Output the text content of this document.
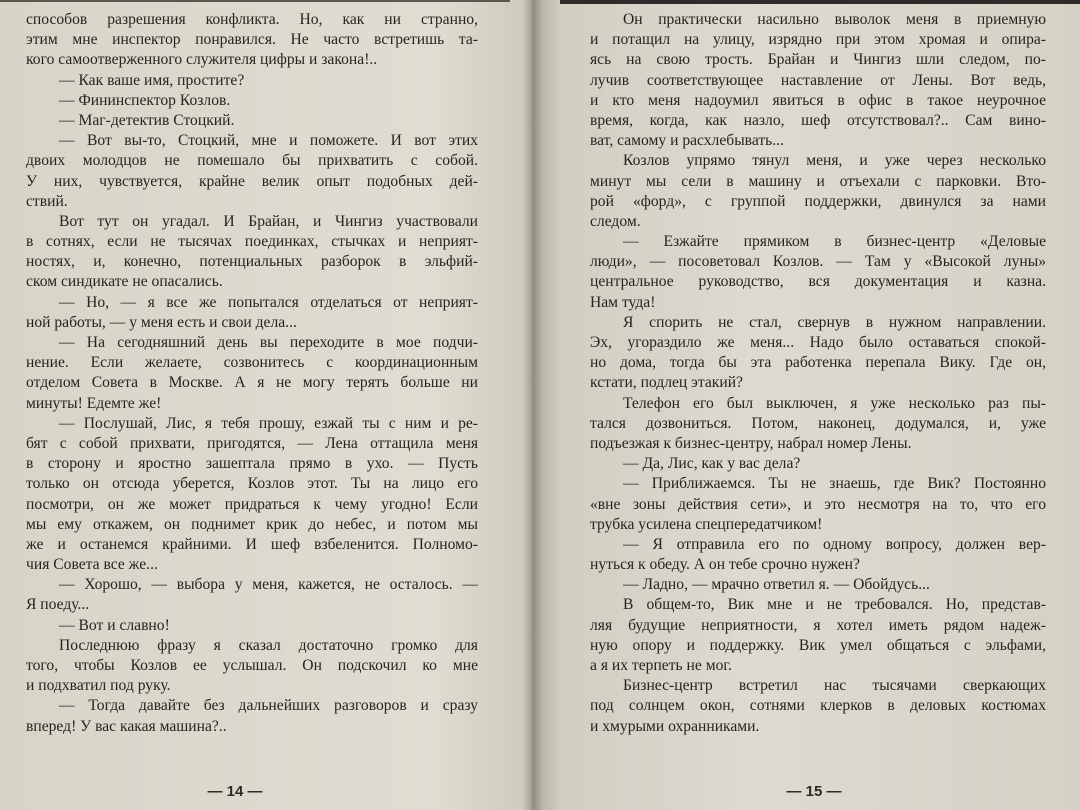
способов разрешения конфликта. Но, как ни странно,
этим мне инспектор понравился. Не часто встретишь та-
кого самоотверженного служителя цифры и закона!..
— Как ваше имя, простите?
— Фининспектор Козлов.
— Маг-детектив Стоцкий.
— Вот вы-то, Стоцкий, мне и поможете. И вот этих
двоих молодцов не помешало бы прихватить с собой.
У них, чувствуется, крайне велик опыт подобных дей-
ствий.
Вот тут он угадал. И Брайан, и Чингиз участвовали
в сотнях, если не тысячах поединках, стычках и неприят-
ностях, и, конечно, потенциальных разборок в эльфий-
ском синдикате не опасались.
— Но, — я все же попытался отделаться от неприят-
ной работы, — у меня есть и свои дела...
— На сегодняшний день вы переходите в мое подчи-
нение. Если желаете, созвонитесь с координационным
отделом Совета в Москве. А я не могу терять больше ни
минуты! Едемте же!
— Послушай, Лис, я тебя прошу, езжай ты с ним и ре-
бят с собой прихвати, пригодятся, — Лена оттащила меня
в сторону и яростно зашептала прямо в ухо. — Пусть
только он отсюда уберется, Козлов этот. Ты на лицо его
посмотри, он же может придраться к чему угодно! Если
мы ему откажем, он поднимет крик до небес, и потом мы
же и останемся крайними. И шеф взбеленится. Полномо-
чия Совета все же...
— Хорошо, — выбора у меня, кажется, не осталось. —
Я поеду...
— Вот и славно!
Последнюю фразу я сказал достаточно громко для
того, чтобы Козлов ее услышал. Он подскочил ко мне
и подхватил под руку.
— Тогда давайте без дальнейших разговоров и сразу
вперед! У вас какая машина?..
— 14 —
Он практически насильно выволок меня в приемную
и потащил на улицу, изрядно при этом хромая и опира-
ясь на свою трость. Брайан и Чингиз шли следом, по-
лучив соответствующее наставление от Лены. Вот ведь,
и кто меня надоумил явиться в офис в такое неурочное
время, когда, как назло, шеф отсутствовал?.. Сам вино-
ват, самому и расхлебывать...
Козлов упрямо тянул меня, и уже через несколько
минут мы сели в машину и отъехали с парковки. Вто-
рой «форд», с группой поддержки, двинулся за нами
следом.
— Езжайте прямиком в бизнес-центр «Деловые
люди», — посоветовал Козлов. — Там у «Высокой луны»
центральное руководство, вся документация и казна.
Нам туда!
Я спорить не стал, свернув в нужном направлении.
Эх, угораздило же меня... Надо было оставаться спокой-
но дома, тогда бы эта работенка перепала Вику. Где он,
кстати, подлец этакий?
Телефон его был выключен, я уже несколько раз пы-
тался дозвониться. Потом, наконец, додумался, и, уже
подъезжая к бизнес-центру, набрал номер Лены.
— Да, Лис, как у вас дела?
— Приближаемся. Ты не знаешь, где Вик? Постоянно
«вне зоны действия сети», и это несмотря на то, что его
трубка усилена спецпередатчиком!
— Я отправила его по одному вопросу, должен вер-
нуться к обеду. А он тебе срочно нужен?
— Ладно, — мрачно ответил я. — Обойдусь...
В общем-то, Вик мне и не требовался. Но, представ-
ляя будущие неприятности, я хотел иметь рядом надеж-
ную опору и поддержку. Вик умел общаться с эльфами,
а я их терпеть не мог.
Бизнес-центр встретил нас тысячами сверкающих
под солнцем окон, сотнями клерков в деловых костюмах
и хмурыми охранниками.
— 15 —
